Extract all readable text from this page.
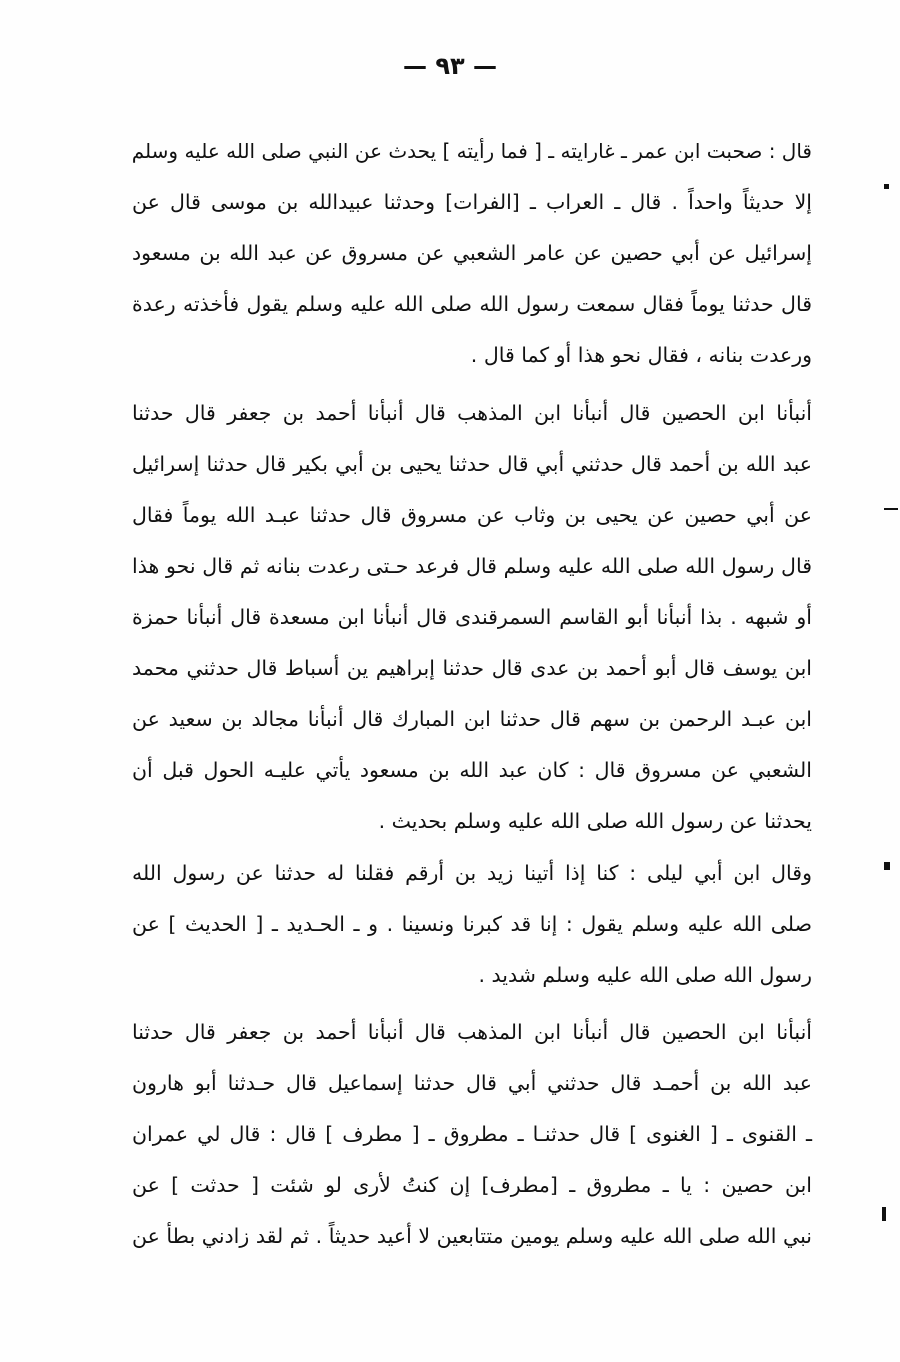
— ٩٣ —
قال : صحبت ابن عمر ـ غارايته ـ [ فما رأيته ] يحدث عن النبي صلى الله عليه وسلم
إلا حديثاً واحداً . قال ـ العراب ـ [الفرات] وحدثنا عبيدالله بن موسى قال عن
إسرائيل عن أبي حصين عن عامر الشعبي عن مسروق عن عبد الله بن مسعود
قال حدثنا يوماً فقال سمعت رسول الله صلى الله عليه وسلم يقول فأخذته رعدة
ورعدت بنانه ، فقال نحو هذا أو كما قال .
أنبأنا ابن الحصين قال أنبأنا ابن المذهب قال أنبأنا أحمد بن جعفر قال حدثنا
عبد الله بن أحمد قال حدثني أبي قال حدثنا يحيى بن أبي بكير قال حدثنا إسرائيل
عن أبي حصين عن يحيى بن وثاب عن مسروق قال حدثنا عبـد الله يوماً فقال
قال رسول الله صلى الله عليه وسلم قال فرعد حـتى رعدت بنانه ثم قال نحو هذا
أو شبهه . بذا أنبأنا أبو القاسم السمرقندى قال أنبأنا ابن مسعدة قال أنبأنا حمزة
ابن يوسف قال أبو أحمد بن عدى قال حدثنا إبراهيم ين أسباط قال حدثني محمد
ابن عبـد الرحمن بن سهم قال حدثنا ابن المبارك قال أنبأنا مجالد بن سعيد عن
الشعبي عن مسروق قال : كان عبد الله بن مسعود يأتي عليـه الحول قبل أن
يحدثنا عن رسول الله صلى الله عليه وسلم بحديث .
وقال ابن أبي ليلى : كنا إذا أتينا زيد بن أرقم فقلنا له حدثنا عن رسول الله
صلى الله عليه وسلم يقول : إنا قد كبرنا ونسينا . و ـ الحـديد ـ [ الحديث ] عن
رسول الله صلى الله عليه وسلم شديد .
أنبأنا ابن الحصين قال أنبأنا ابن المذهب قال أنبأنا أحمد بن جعفر قال حدثنا
عبد الله بن أحمـد قال حدثني أبي قال حدثنا إسماعيل قال حـدثنا أبو هارون
ـ القنوى ـ [ الغنوى ] قال حدثنـا ـ مطروق ـ [ مطرف ] قال : قال لي عمران
ابن حصين : يا ـ مطروق ـ [مطرف] إن كنتُ لأرى لو شئت [ حدثت ] عن
نبي الله صلى الله عليه وسلم يومين متتابعين لا أعيد حديثاً . ثم لقد زادني بطأ عن
